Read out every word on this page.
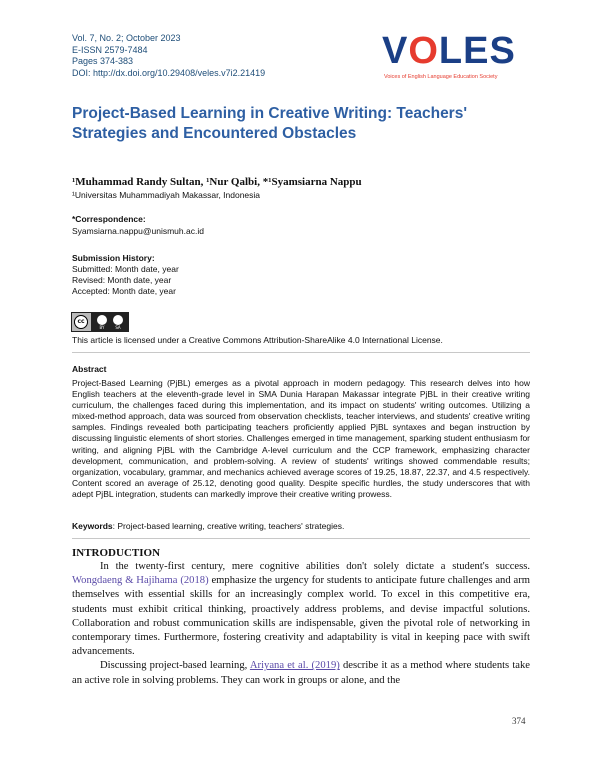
Vol. 7, No. 2; October 2023
E-ISSN 2579-7484
Pages 374-383
DOI: http://dx.doi.org/10.29408/veles.v7i2.21419
VOLES
Voices of English Language Education Society
Project-Based Learning in Creative Writing: Teachers' Strategies and Encountered Obstacles
¹Muhammad Randy Sultan, ¹Nur Qalbi, *¹Syamsiarna Nappu
¹Universitas Muhammadiyah Makassar, Indonesia
*Correspondence:
Syamsiarna.nappu@unismuh.ac.id
Submission History:
Submitted: Month date, year
Revised: Month date, year
Accepted: Month date, year
cc
BY	SA
This article is licensed under a Creative Commons Attribution-ShareAlike 4.0 International License.
Abstract
Project-Based Learning (PjBL) emerges as a pivotal approach in modern pedagogy. This research delves into how English teachers at the eleventh-grade level in SMA Dunia Harapan Makassar integrate PjBL in their creative writing curriculum, the challenges faced during this implementation, and its impact on students' writing outcomes. Utilizing a mixed-method approach, data was sourced from observation checklists, teacher interviews, and students' creative writing samples. Findings revealed both participating teachers proficiently applied PjBL syntaxes and began instruction by discussing linguistic elements of short stories. Challenges emerged in time management, sparking student enthusiasm for writing, and aligning PjBL with the Cambridge A-level curriculum and the CCP framework, emphasizing character development, communication, and problem-solving. A review of students' writings showed commendable results; organization, vocabulary, grammar, and mechanics achieved average scores of 19.25, 18.87, 22.37, and 4.5 respectively. Content scored an average of 25.12, denoting good quality. Despite specific hurdles, the study underscores that with adept PjBL integration, students can markedly improve their creative writing prowess.
Keywords: Project-based learning, creative writing, teachers' strategies.
INTRODUCTION

In the twenty-first century, mere cognitive abilities don't solely dictate a student's success. Wongdaeng & Hajihama (2018) emphasize the urgency for students to anticipate future challenges and arm themselves with essential skills for an increasingly complex world. To excel in this competitive era, students must exhibit critical thinking, proactively address problems, and devise impactful solutions. Collaboration and robust communication skills are indispensable, given the pivotal role of networking in contemporary times. Furthermore, fostering creativity and adaptability is vital in keeping pace with swift advancements.

Discussing project-based learning, Ariyana et al. (2019) describe it as a method where students take an active role in solving problems. They can work in groups or alone, and the

374
